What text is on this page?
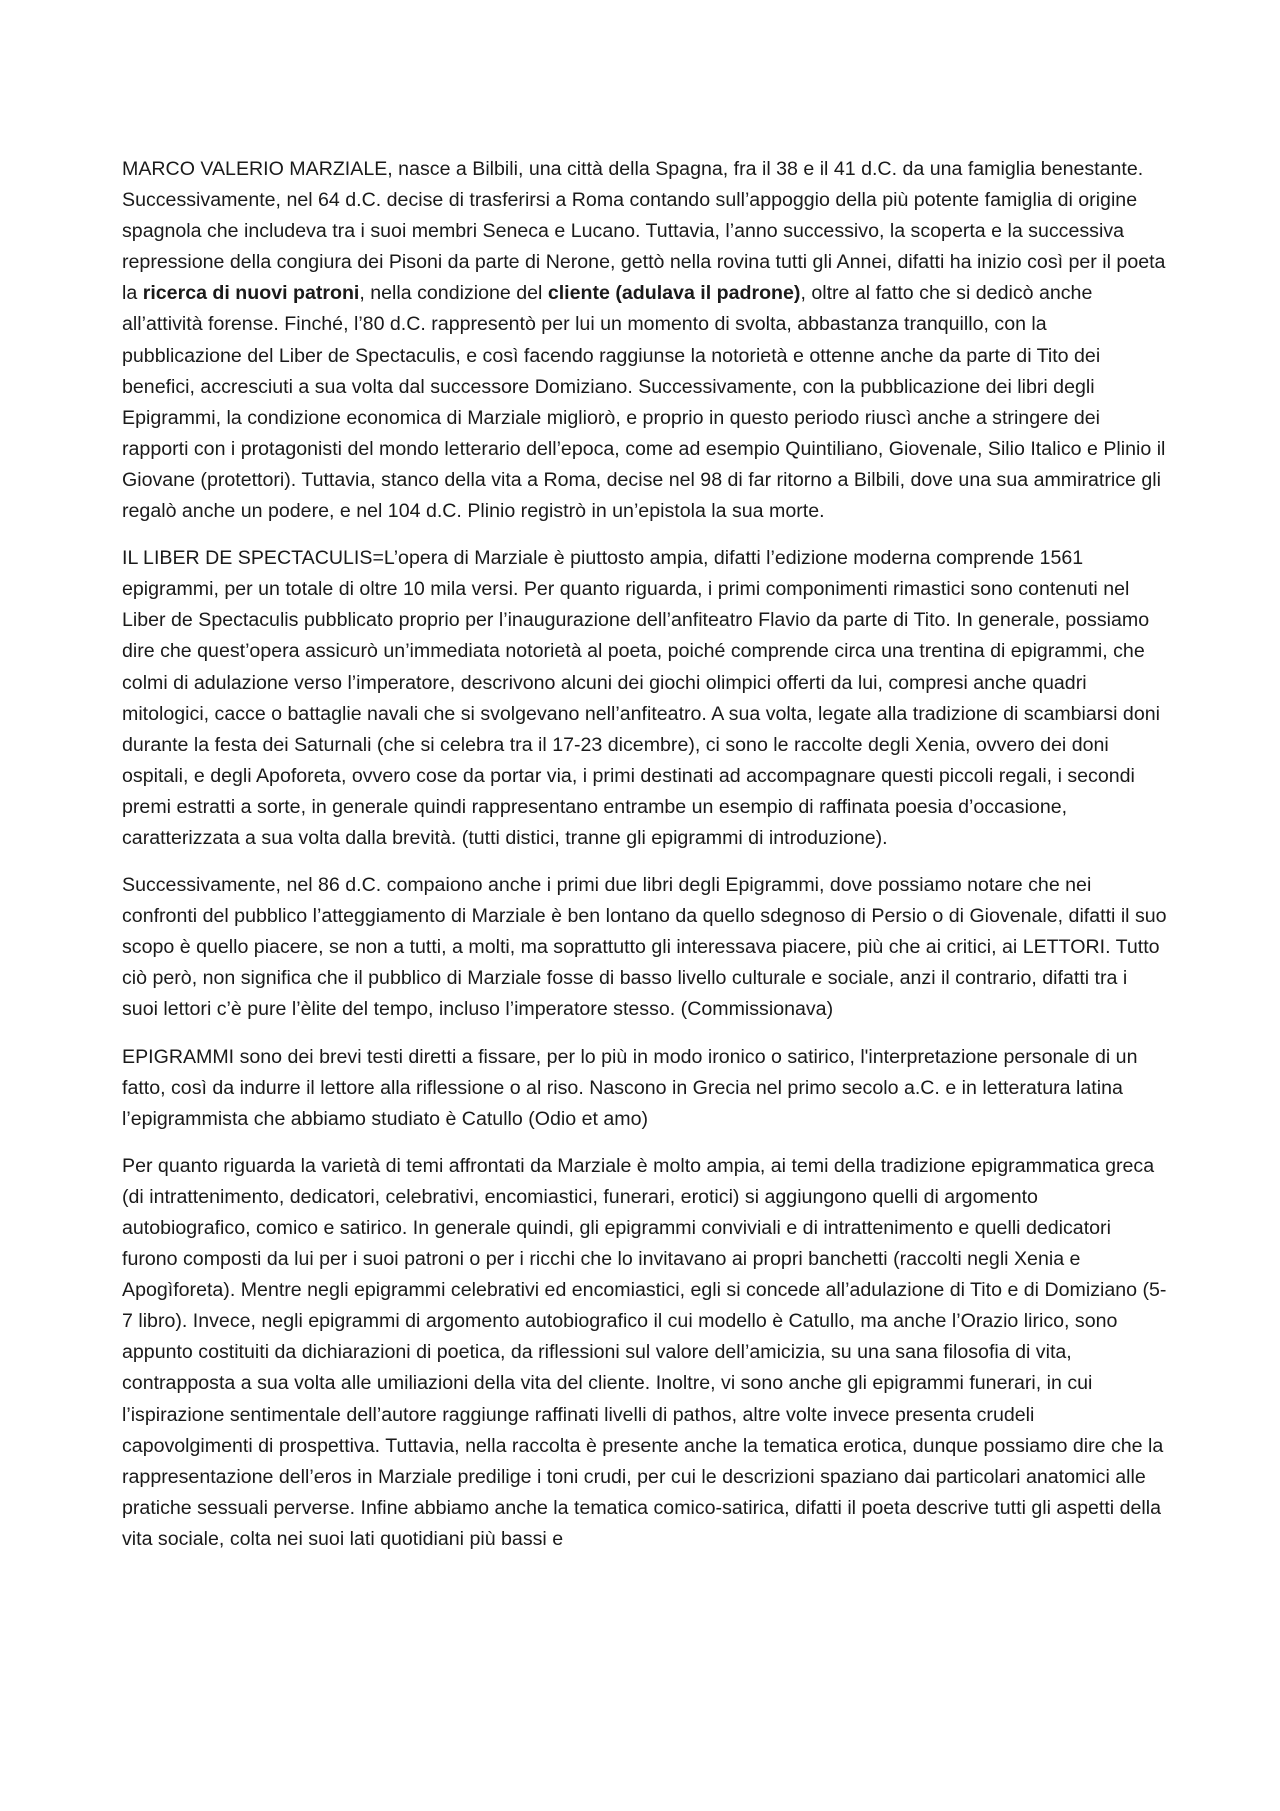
MARCO VALERIO MARZIALE, nasce a Bilbili, una città della Spagna, fra il 38 e il 41 d.C. da una famiglia benestante. Successivamente, nel 64 d.C. decise di trasferirsi a Roma contando sull’appoggio della più potente famiglia di origine spagnola che includeva tra i suoi membri Seneca e Lucano. Tuttavia, l’anno successivo, la scoperta e la successiva repressione della congiura dei Pisoni da parte di Nerone, gettò nella rovina tutti gli Annei, difatti ha inizio così per il poeta la ricerca di nuovi patroni, nella condizione del cliente (adulava il padrone), oltre al fatto che si dedicò anche all’attività forense. Finché, l’80 d.C. rappresentò per lui un momento di svolta, abbastanza tranquillo, con la pubblicazione del Liber de Spectaculis, e così facendo raggiunse la notorietà e ottenne anche da parte di Tito dei benefici, accresciuti a sua volta dal successore Domiziano. Successivamente, con la pubblicazione dei libri degli Epigrammi, la condizione economica di Marziale migliorò, e proprio in questo periodo riuscì anche a stringere dei rapporti con i protagonisti del mondo letterario dell’epoca, come ad esempio Quintiliano, Giovenale, Silio Italico e Plinio il Giovane (protettori). Tuttavia, stanco della vita a Roma, decise nel 98 di far ritorno a Bilbili, dove una sua ammiratrice gli regalò anche un podere, e nel 104 d.C. Plinio registrò in un’epistola la sua morte.

IL LIBER DE SPECTACULIS=L’opera di Marziale è piuttosto ampia, difatti l’edizione moderna comprende 1561 epigrammi, per un totale di oltre 10 mila versi. Per quanto riguarda, i primi componimenti rimastici sono contenuti nel Liber de Spectaculis pubblicato proprio per l’inaugurazione dell’anfiteatro Flavio da parte di Tito. In generale, possiamo dire che quest’opera assicurò un’immediata notorietà al poeta, poiché comprende circa una trentina di epigrammi, che colmi di adulazione verso l’imperatore, descrivono alcuni dei giochi olimpici offerti da lui, compresi anche quadri mitologici, cacce o battaglie navali che si svolgevano nell’anfiteatro. A sua volta, legate alla tradizione di scambiarsi doni durante la festa dei Saturnali (che si celebra tra il 17-23 dicembre), ci sono le raccolte degli Xenia, ovvero dei doni ospitali, e degli Apoforeta, ovvero cose da portar via, i primi destinati ad accompagnare questi piccoli regali, i secondi premi estratti a sorte, in generale quindi rappresentano entrambe un esempio di raffinata poesia d’occasione, caratterizzata a sua volta dalla brevità. (tutti distici, tranne gli epigrammi di introduzione).

Successivamente, nel 86 d.C. compaiono anche i primi due libri degli Epigrammi, dove possiamo notare che nei confronti del pubblico l’atteggiamento di Marziale è ben lontano da quello sdegnoso di Persio o di Giovenale, difatti il suo scopo è quello piacere, se non a tutti, a molti, ma soprattutto gli interessava piacere, più che ai critici, ai LETTORI. Tutto ciò però, non significa che il pubblico di Marziale fosse di basso livello culturale e sociale, anzi il contrario, difatti tra i suoi lettori c’è pure l’èlite del tempo, incluso l’imperatore stesso. (Commissionava)

EPIGRAMMI sono dei brevi testi diretti a fissare, per lo più in modo ironico o satirico, l'interpretazione personale di un fatto, così da indurre il lettore alla riflessione o al riso. Nascono in Grecia nel primo secolo a.C. e in letteratura latina l’epigrammista che abbiamo studiato è Catullo (Odio et amo)

Per quanto riguarda la varietà di temi affrontati da Marziale è molto ampia, ai temi della tradizione epigrammatica greca (di intrattenimento, dedicatori, celebrativi, encomiastici, funerari, erotici) si aggiungono quelli di argomento autobiografico, comico e satirico. In generale quindi, gli epigrammi conviviali e di intrattenimento e quelli dedicatori furono composti da lui per i suoi patroni o per i ricchi che lo invitavano ai propri banchetti (raccolti negli Xenia e Apogìforeta). Mentre negli epigrammi celebrativi ed encomiastici, egli si concede all’adulazione di Tito e di Domiziano (5-7 libro). Invece, negli epigrammi di argomento autobiografico il cui modello è Catullo, ma anche l’Orazio lirico, sono appunto costituiti da dichiarazioni di poetica, da riflessioni sul valore dell’amicizia, su una sana filosofia di vita, contrapposta a sua volta alle umiliazioni della vita del cliente. Inoltre, vi sono anche gli epigrammi funerari, in cui l’ispirazione sentimentale dell’autore raggiunge raffinati livelli di pathos, altre volte invece presenta crudeli capovolgimenti di prospettiva. Tuttavia, nella raccolta è presente anche la tematica erotica, dunque possiamo dire che la rappresentazione dell’eros in Marziale predilige i toni crudi, per cui le descrizioni spaziano dai particolari anatomici alle pratiche sessuali perverse. Infine abbiamo anche la tematica comico-satirica, difatti il poeta descrive tutti gli aspetti della vita sociale, colta nei suoi lati quotidiani più bassi e
